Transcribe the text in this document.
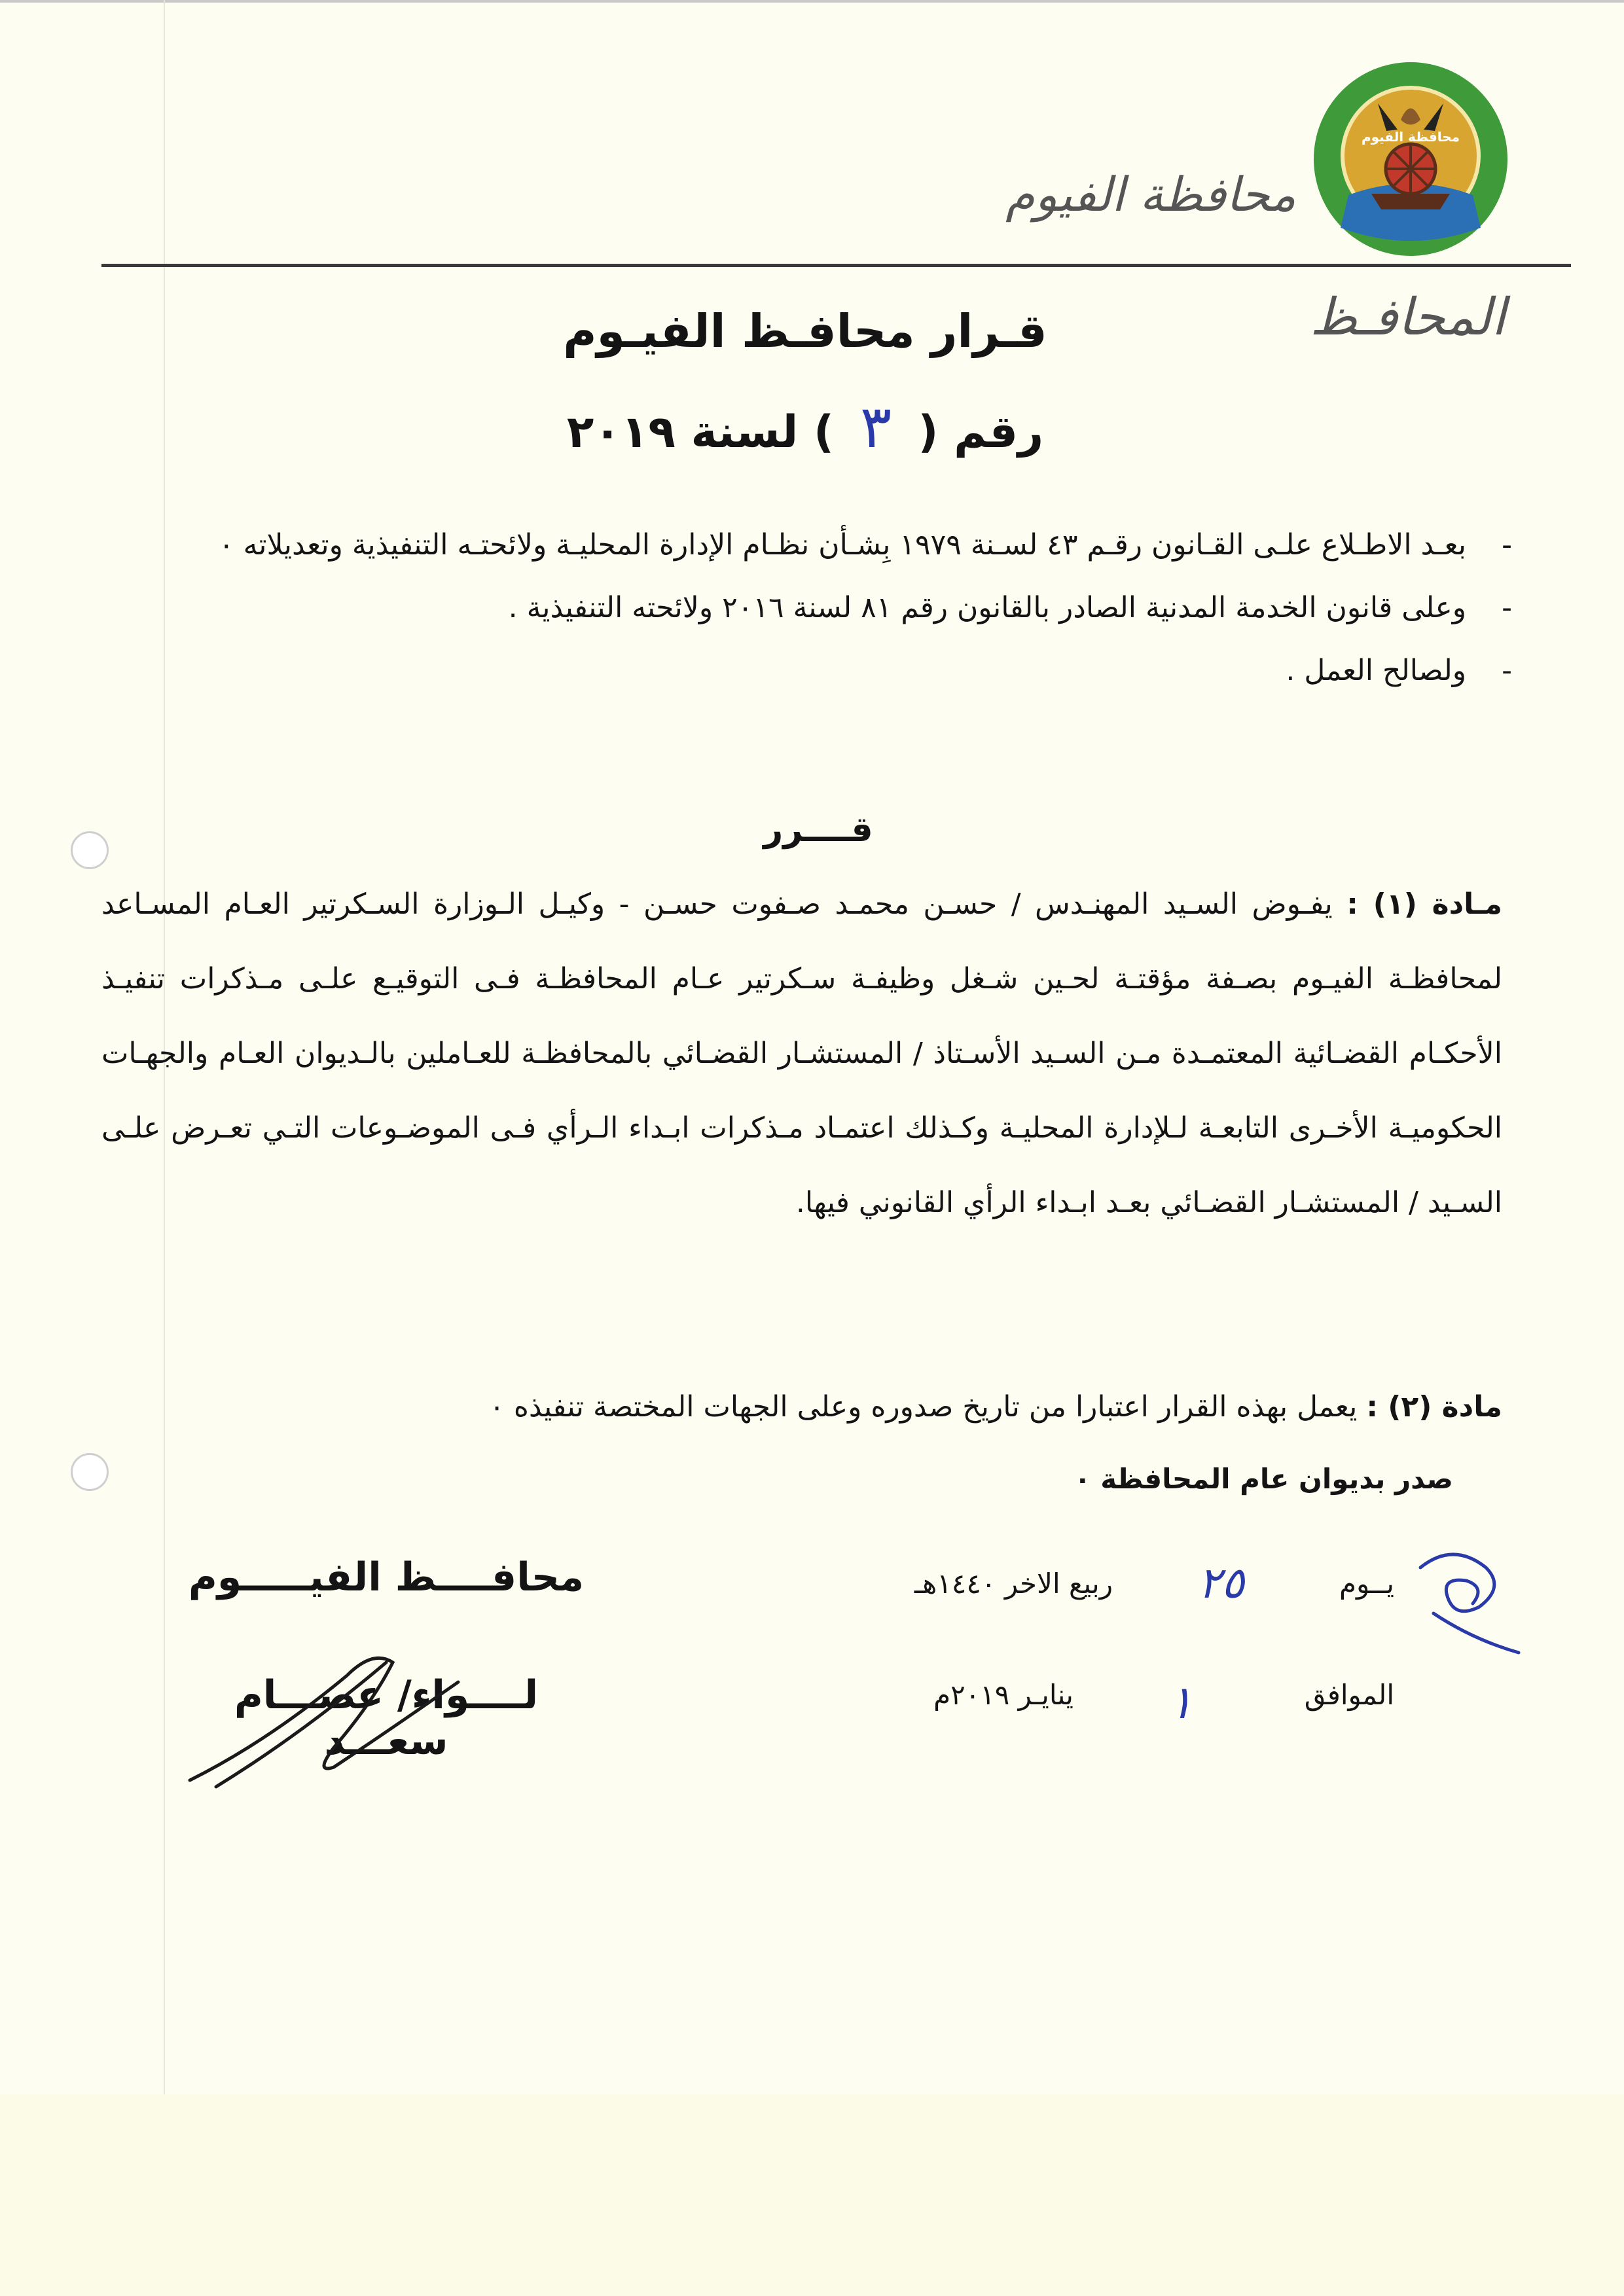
محافظة الفيوم
محافظة الفيوم
المحافـظ
قـرار محافـظ الفيـوم
رقم (٣) لسنة ٢٠١٩
- بعـد الاطـلاع علـى القـانون رقـم ٤٣ لسـنة ١٩٧٩ بِشـأن نظـام الإدارة المحليـة ولائحتـه التنفيذية وتعديلاته ٠
- وعلى قانون الخدمة المدنية الصادر بالقانون رقم ٨١ لسنة ٢٠١٦ ولائحته التنفيذية .
- ولصالح العمل .
قــــرر
مـادة (١) : يفـوض السـيد المهنـدس / حسـن محمـد صـفوت حسـن - وكيـل الـوزارة السـكرتير العـام المسـاعد لمحافظـة الفيـوم بصـفة مؤقتـة لحـين شـغل وظيفـة سـكرتير عـام المحافظـة فـى التوقيـع علـى مـذكرات تنفيـذ الأحكـام القضـائية المعتمـدة مـن السـيد الأسـتاذ / المستشـار القضـائي بالمحافظـة للعـاملين بالـديوان العـام والجهـات الحكوميـة الأخـرى التابعـة لـلإدارة المحليـة وكـذلك اعتمـاد مـذكرات ابـداء الـرأي فـى الموضـوعات التـي تعـرض علـى السـيد / المستشـار القضـائي بعـد ابـداء الرأي القانوني فيها.
مادة (٢) : يعمل بهذه القرار اعتبارا من تاريخ صدوره وعلى الجهات المختصة تنفيذه ٠
صدر بديوان عام المحافظة ٠
يــوم
٢٥
ربيع الاخر ١٤٤٠هـ
الموافق
١
ينايـر ٢٠١٩م
محافــــظ الفيـــــوم
لــــواء/ عصـــام سعـــد
